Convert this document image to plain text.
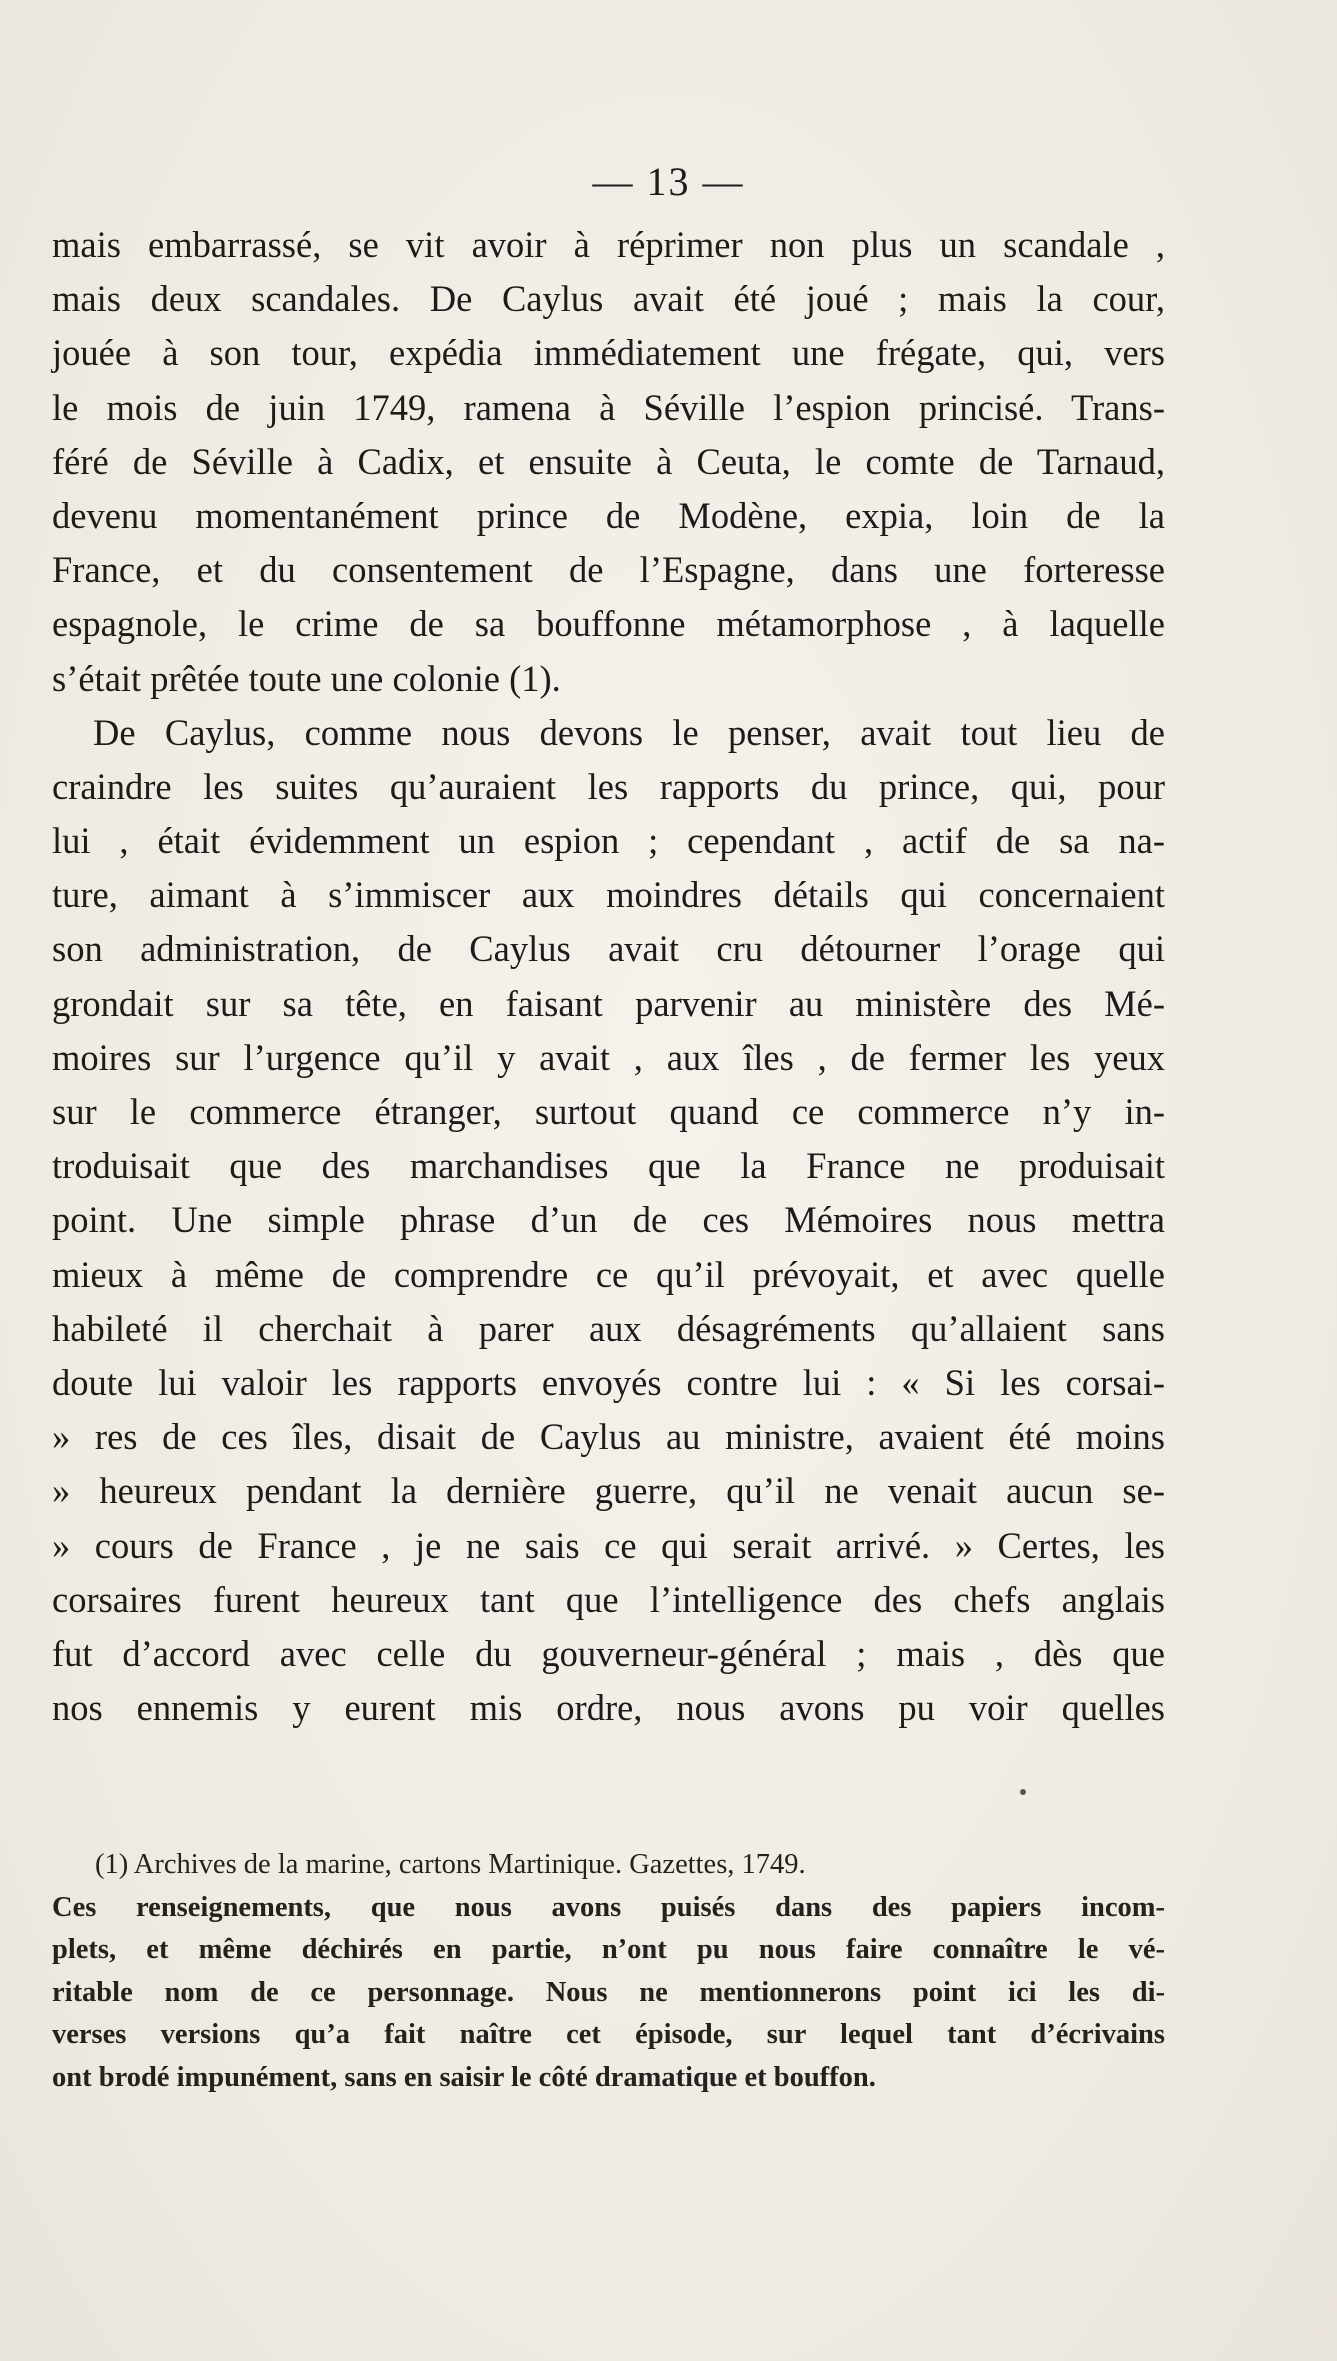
— 13 —
mais embarrassé, se vit avoir à réprimer non plus un scandale ,
mais deux scandales. De Caylus avait été joué ; mais la cour,
jouée à son tour, expédia immédiatement une frégate, qui, vers
le mois de juin 1749, ramena à Séville l’espion princisé. Trans-
féré de Séville à Cadix, et ensuite à Ceuta, le comte de Tarnaud,
devenu momentanément prince de Modène, expia, loin de la
France, et du consentement de l’Espagne, dans une forteresse
espagnole, le crime de sa bouffonne métamorphose , à laquelle
s’était prêtée toute une colonie (1).
De Caylus, comme nous devons le penser, avait tout lieu de
craindre les suites qu’auraient les rapports du prince, qui, pour
lui , était évidemment un espion ; cependant , actif de sa na-
ture, aimant à s’immiscer aux moindres détails qui concernaient
son administration, de Caylus avait cru détourner l’orage qui
grondait sur sa tête, en faisant parvenir au ministère des Mé-
moires sur l’urgence qu’il y avait , aux îles , de fermer les yeux
sur le commerce étranger, surtout quand ce commerce n’y in-
troduisait que des marchandises que la France ne produisait
point. Une simple phrase d’un de ces Mémoires nous mettra
mieux à même de comprendre ce qu’il prévoyait, et avec quelle
habileté il cherchait à parer aux désagréments qu’allaient sans
doute lui valoir les rapports envoyés contre lui : « Si les corsai-
» res de ces îles, disait de Caylus au ministre, avaient été moins
» heureux pendant la dernière guerre, qu’il ne venait aucun se-
» cours de France , je ne sais ce qui serait arrivé. » Certes, les
corsaires furent heureux tant que l’intelligence des chefs anglais
fut d’accord avec celle du gouverneur-général ; mais , dès que
nos ennemis y eurent mis ordre, nous avons pu voir quelles
(1) Archives de la marine, cartons Martinique. Gazettes, 1749.
Ces renseignements, que nous avons puisés dans des papiers incom-
plets, et même déchirés en partie, n’ont pu nous faire connaître le vé-
ritable nom de ce personnage. Nous ne mentionnerons point ici les di-
verses versions qu’a fait naître cet épisode, sur lequel tant d’écrivains
ont brodé impunément, sans en saisir le côté dramatique et bouffon.
